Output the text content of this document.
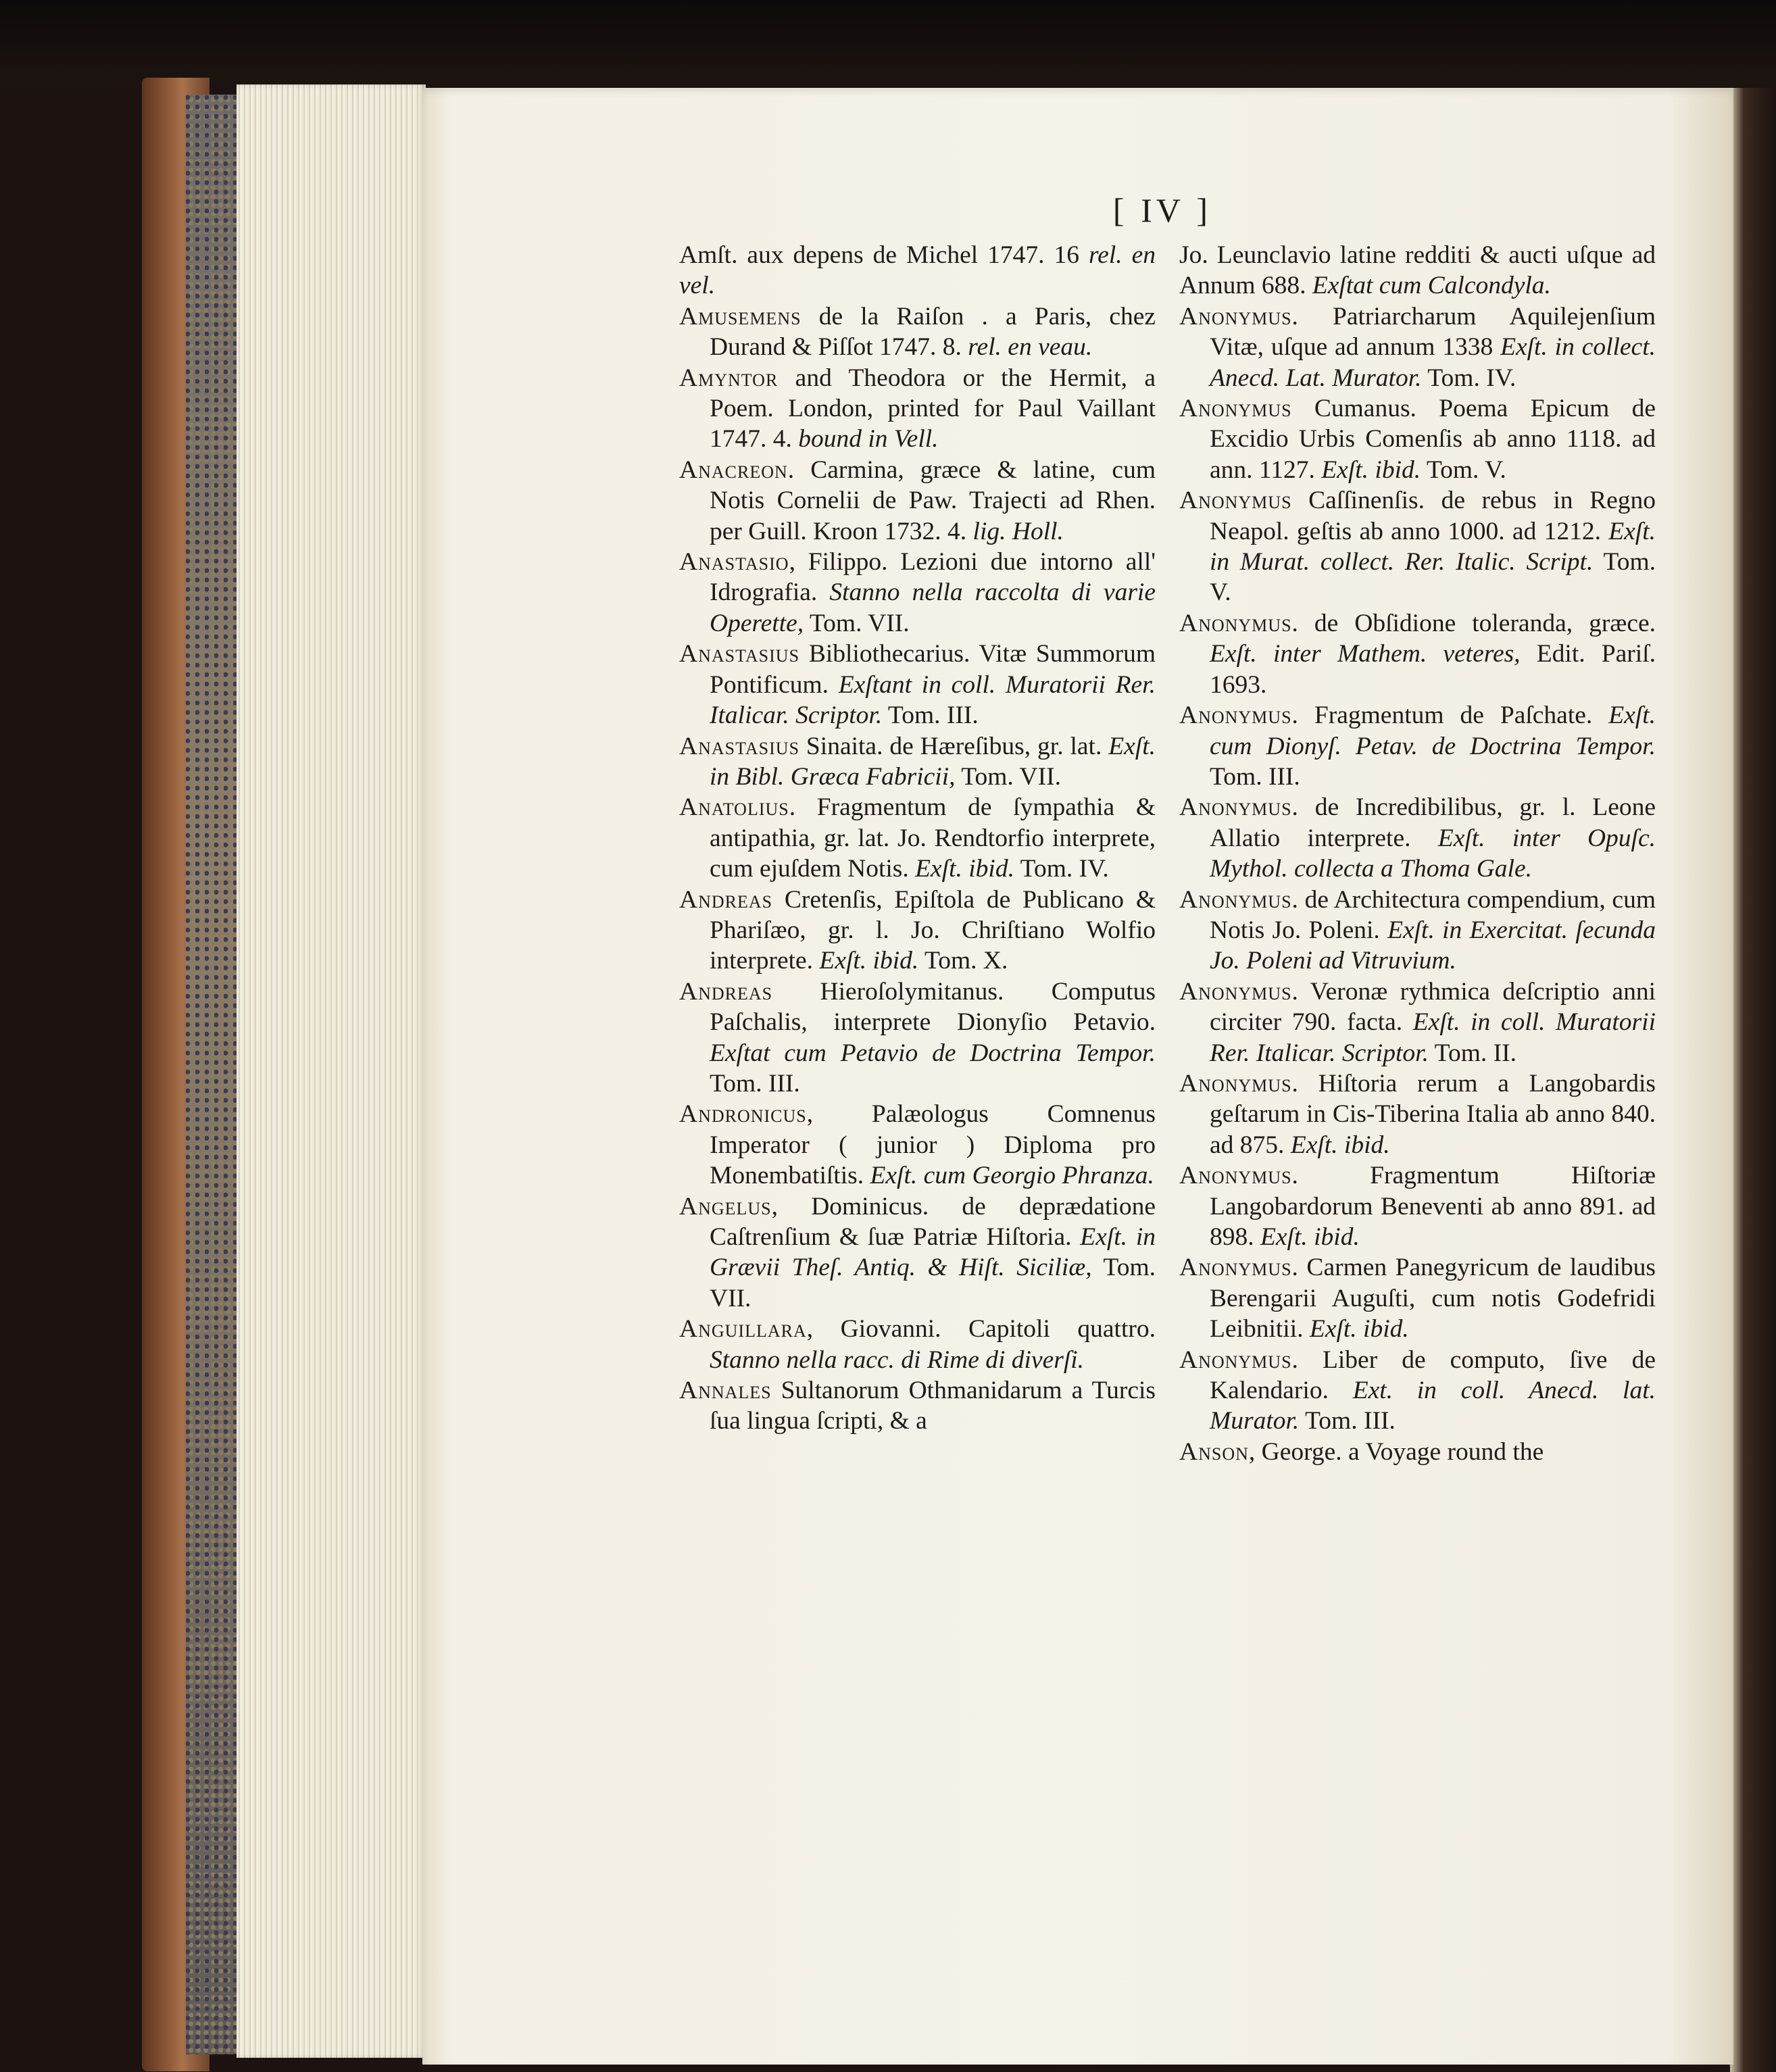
[ IV ]

Amſt. aux depens de Michel 1747. 16 rel. en vel.

Amusemens de la Raiſon . a Paris, chez Durand & Piſſot 1747. 8. rel. en veau.

Amyntor and Theodora or the Hermit, a Poem. London, printed for Paul Vaillant 1747. 4. bound in Vell.

Anacreon. Carmina, græce & latine, cum Notis Cornelii de Paw. Trajecti ad Rhen. per Guill. Kroon 1732. 4. lig. Holl.

Anastasio, Filippo. Lezioni due intorno all' Idrografia. Stanno nella raccolta di varie Operette, Tom. VII.

Anastasius Bibliothecarius. Vitæ Summorum Pontificum. Exſtant in coll. Muratorii Rer. Italicar. Scriptor. Tom. III.

Anastasius Sinaita. de Hæreſibus, gr. lat. Exſt. in Bibl. Græca Fabricii, Tom. VII.

Anatolius. Fragmentum de ſympathia & antipathia, gr. lat. Jo. Rendtorfio interprete, cum ejuſdem Notis. Exſt. ibid. Tom. IV.

Andreas Cretenſis, Epiſtola de Publicano & Phariſæo, gr. l. Jo. Chriſtiano Wolfio interprete. Exſt. ibid. Tom. X.

Andreas Hieroſolymitanus. Computus Paſchalis, interprete Dionyſio Petavio. Exſtat cum Petavio de Doctrina Tempor. Tom. III.

Andronicus, Palæologus Comnenus Imperator ( junior ) Diploma pro Monembatiſtis. Exſt. cum Georgio Phranza.

Angelus, Dominicus. de deprædatione Caſtrenſium & ſuæ Patriæ Hiſtoria. Exſt. in Grævii Theſ. Antiq. & Hiſt. Siciliæ, Tom. VII.

Anguillara, Giovanni. Capitoli quattro. Stanno nella racc. di Rime di diverſi.

Annales Sultanorum Othmanidarum a Turcis ſua lingua ſcripti, & a

Jo. Leunclavio latine redditi & aucti uſque ad Annum 688. Exſtat cum Calcondyla.

Anonymus. Patriarcharum Aquilejenſium Vitæ, uſque ad annum 1338 Exſt. in collect. Anecd. Lat. Murator. Tom. IV.

Anonymus Cumanus. Poema Epicum de Excidio Urbis Comenſis ab anno 1118. ad ann. 1127. Exſt. ibid. Tom. V.

Anonymus Caſſinenſis. de rebus in Regno Neapol. geſtis ab anno 1000. ad 1212. Exſt. in Murat. collect. Rer. Italic. Script. Tom. V.

Anonymus. de Obſidione toleranda, græce. Exſt. inter Mathem. veteres, Edit. Pariſ. 1693.

Anonymus. Fragmentum de Paſchate. Exſt. cum Dionyſ. Petav. de Doctrina Tempor. Tom. III.

Anonymus. de Incredibilibus, gr. l. Leone Allatio interprete. Exſt. inter Opuſc. Mythol. collecta a Thoma Gale.

Anonymus. de Architectura compendium, cum Notis Jo. Poleni. Exſt. in Exercitat. ſecunda Jo. Poleni ad Vitruvium.

Anonymus. Veronæ rythmica deſcriptio anni circiter 790. facta. Exſt. in coll. Muratorii Rer. Italicar. Scriptor. Tom. II.

Anonymus. Hiſtoria rerum a Langobardis geſtarum in Cis-Tiberina Italia ab anno 840. ad 875. Exſt. ibid.

Anonymus. Fragmentum Hiſtoriæ Langobardorum Beneventi ab anno 891. ad 898. Exſt. ibid.

Anonymus. Carmen Panegyricum de laudibus Berengarii Auguſti, cum notis Godefridi Leibnitii. Exſt. ibid.

Anonymus. Liber de computo, ſive de Kalendario. Ext. in coll. Anecd. lat. Murator. Tom. III.

Anson, George. a Voyage round the
